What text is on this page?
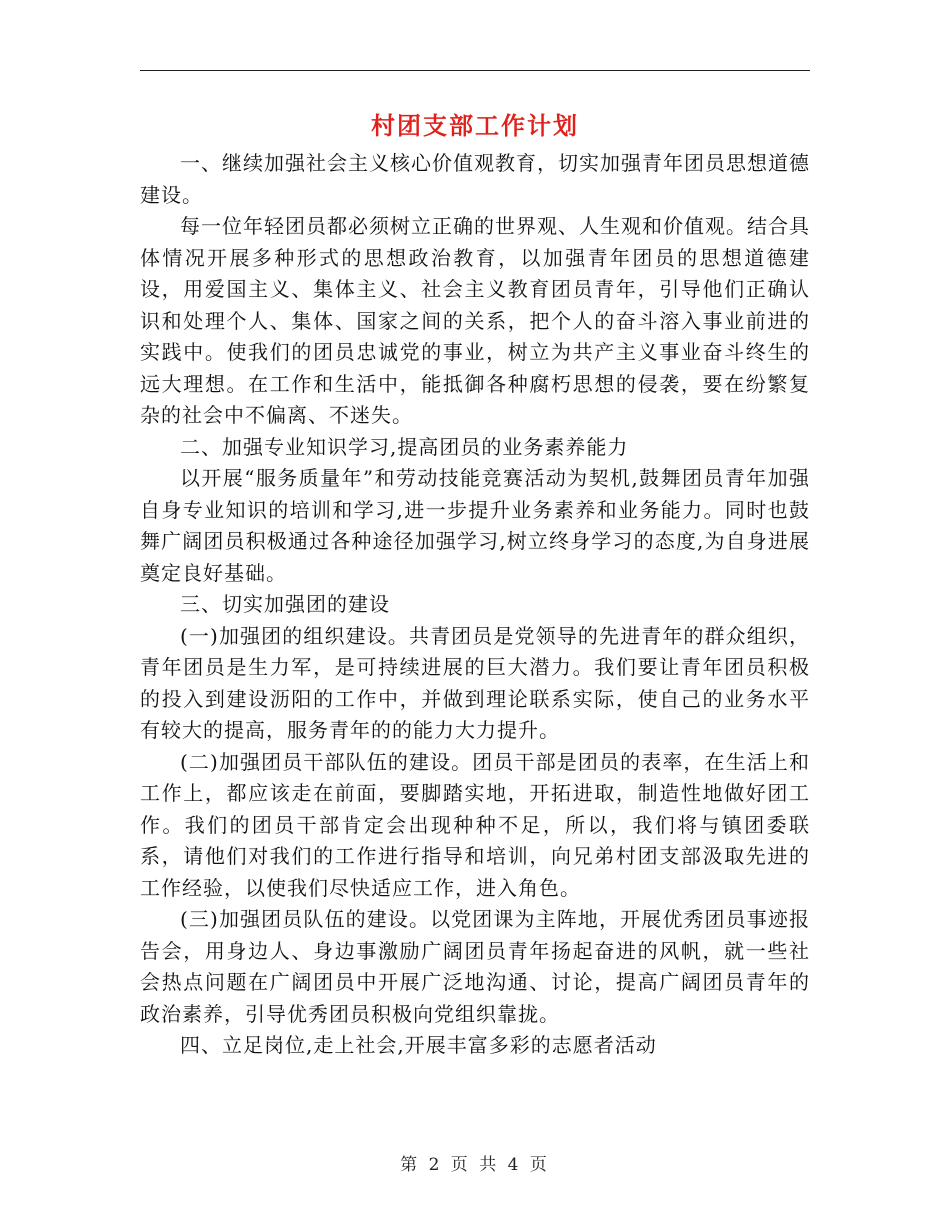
村团支部工作计划

一、继续加强社会主义核心价值观教育，切实加强青年团员思想道德建设。

每一位年轻团员都必须树立正确的世界观、人生观和价值观。结合具体情况开展多种形式的思想政治教育，以加强青年团员的思想道德建设，用爱国主义、集体主义、社会主义教育团员青年，引导他们正确认识和处理个人、集体、国家之间的关系，把个人的奋斗溶入事业前进的实践中。使我们的团员忠诚党的事业，树立为共产主义事业奋斗终生的远大理想。在工作和生活中，能抵御各种腐朽思想的侵袭，要在纷繁复杂的社会中不偏离、不迷失。

二、加强专业知识学习,提高团员的业务素养能力

以开展“服务质量年”和劳动技能竞赛活动为契机,鼓舞团员青年加强自身专业知识的培训和学习,进一步提升业务素养和业务能力。同时也鼓舞广阔团员积极通过各种途径加强学习,树立终身学习的态度,为自身进展奠定良好基础。

三、切实加强团的建设

(一)加强团的组织建设。共青团员是党领导的先进青年的群众组织，青年团员是生力军，是可持续进展的巨大潜力。我们要让青年团员积极的投入到建设沥阳的工作中，并做到理论联系实际，使自己的业务水平有较大的提高，服务青年的的能力大力提升。

(二)加强团员干部队伍的建设。团员干部是团员的表率，在生活上和工作上，都应该走在前面，要脚踏实地，开拓进取，制造性地做好团工作。我们的团员干部肯定会出现种种不足，所以，我们将与镇团委联系，请他们对我们的工作进行指导和培训，向兄弟村团支部汲取先进的工作经验，以使我们尽快适应工作，进入角色。

(三)加强团员队伍的建设。以党团课为主阵地，开展优秀团员事迹报告会，用身边人、身边事激励广阔团员青年扬起奋进的风帆，就一些社会热点问题在广阔团员中开展广泛地沟通、讨论，提高广阔团员青年的政治素养，引导优秀团员积极向党组织靠拢。

四、立足岗位,走上社会,开展丰富多彩的志愿者活动

第 2 页 共 4 页
